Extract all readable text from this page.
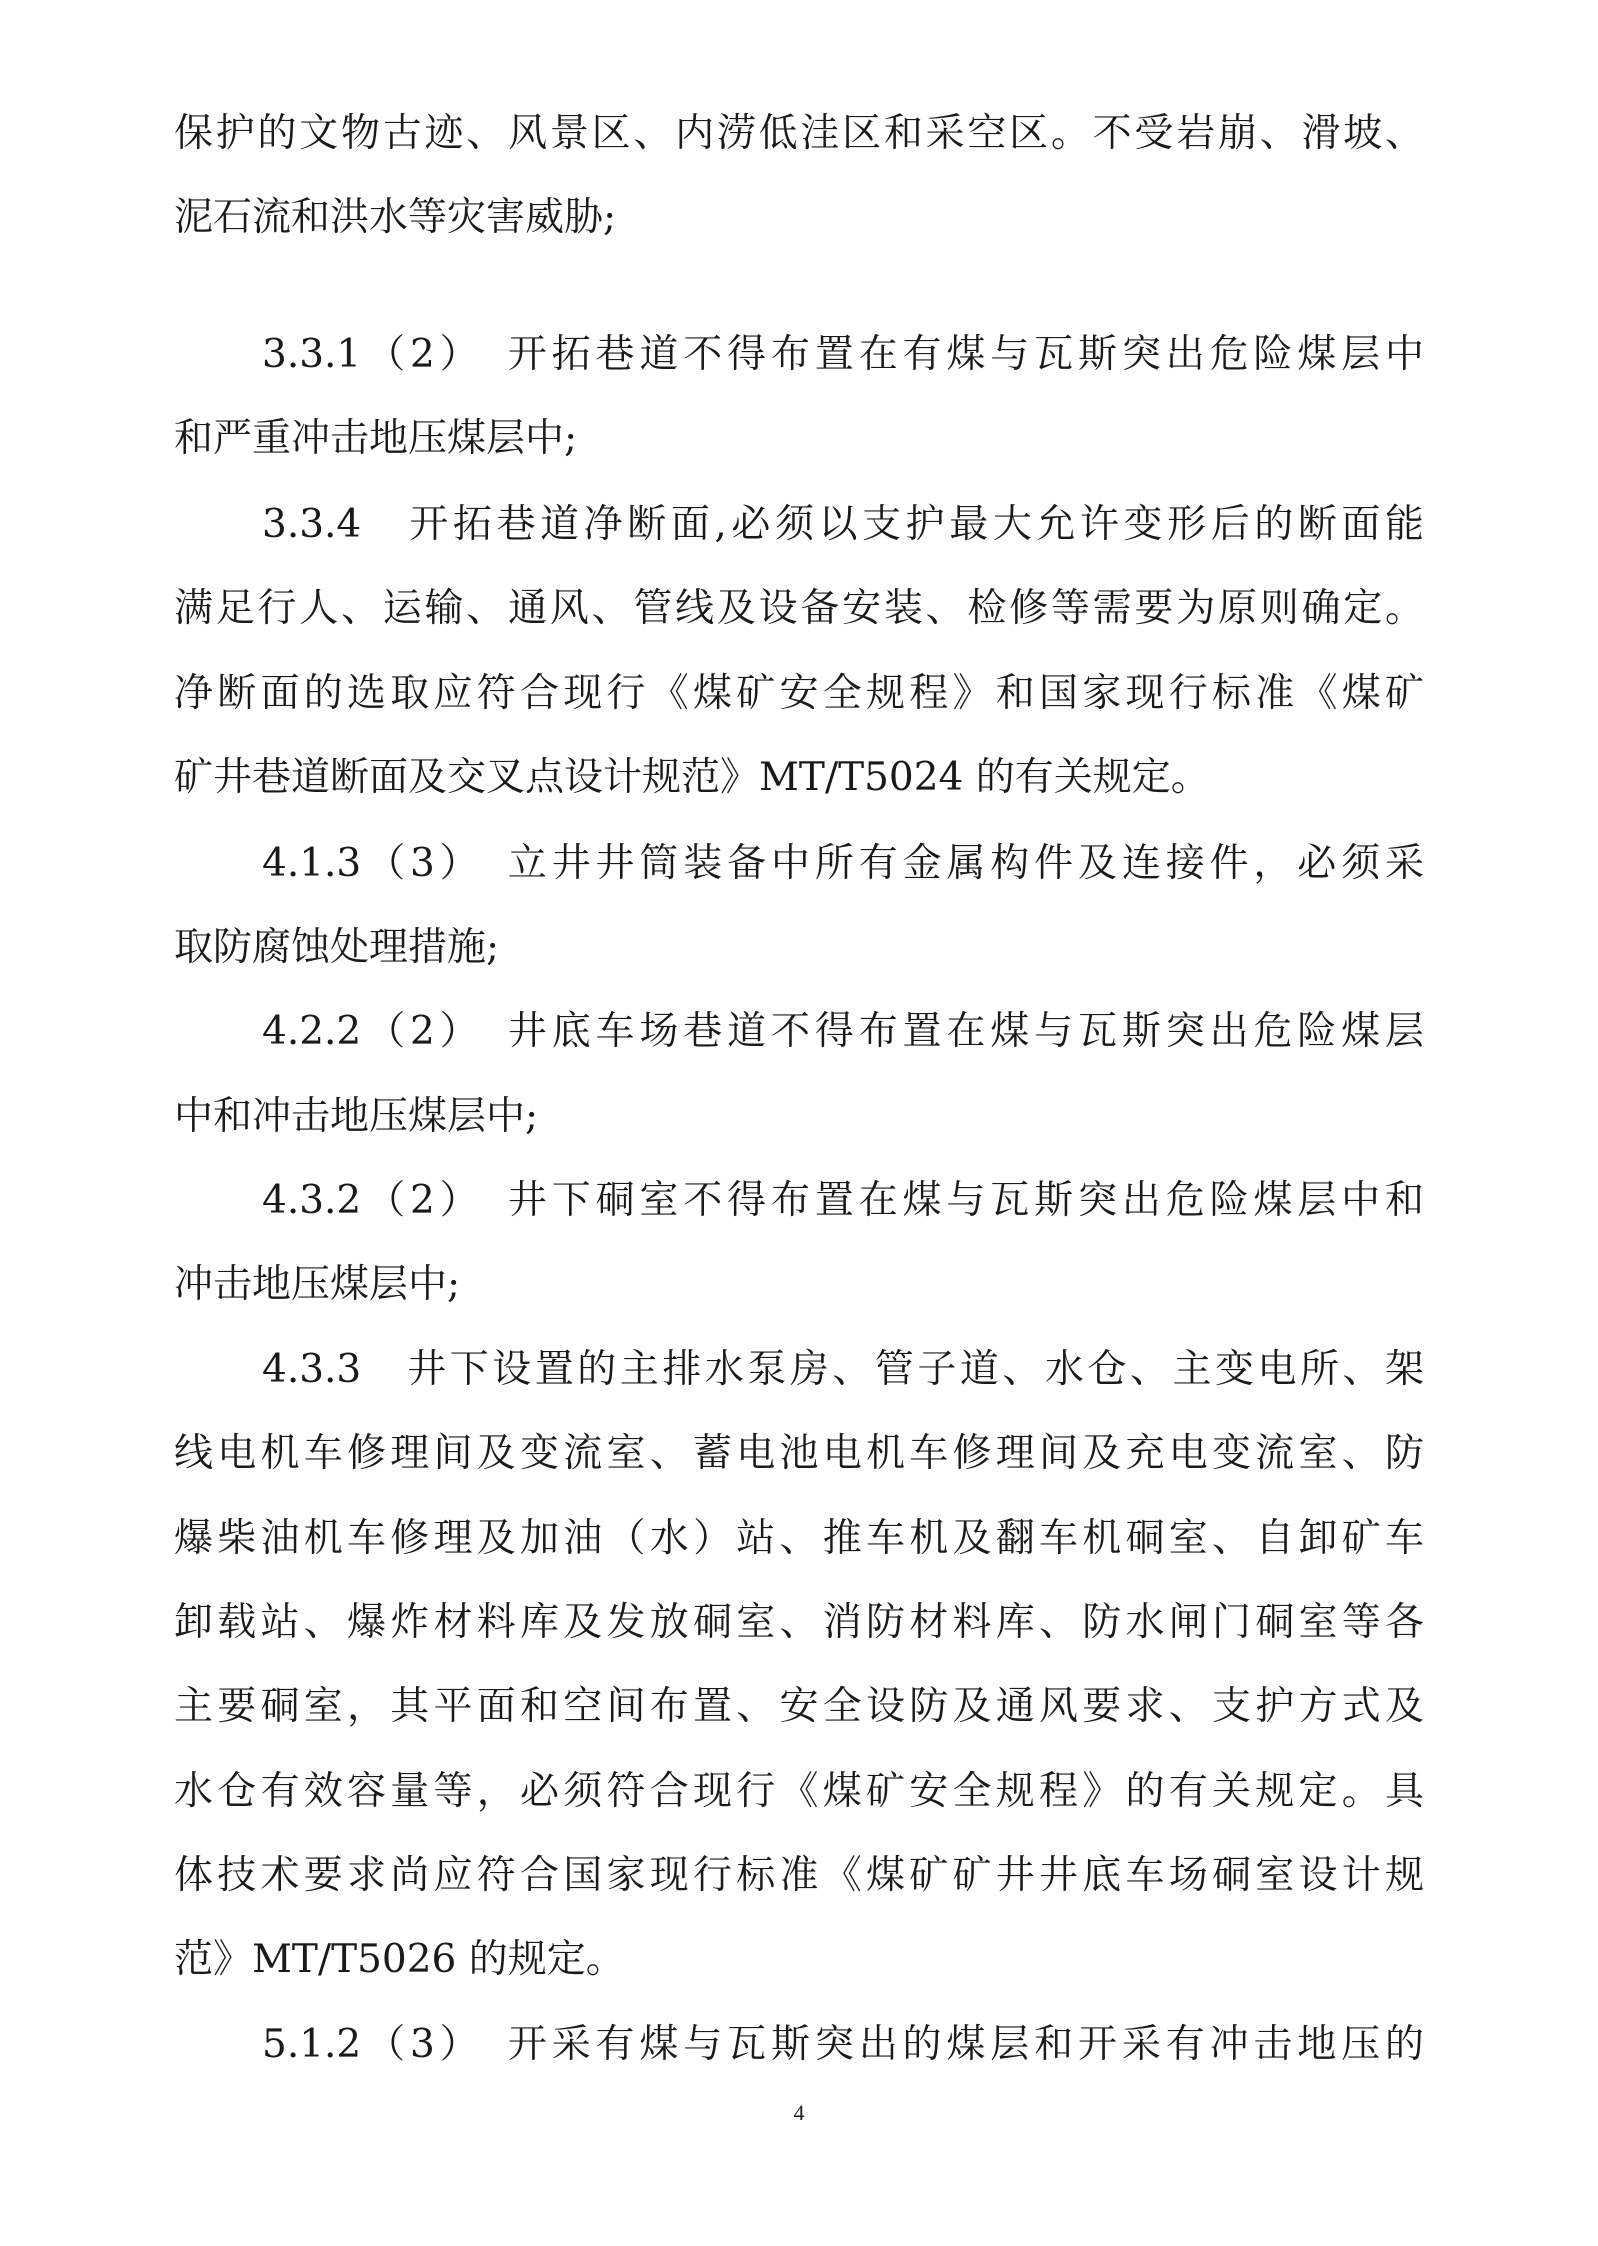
保护的文物古迹、风景区、内涝低洼区和采空区。不受岩崩、滑坡、
泥石流和洪水等灾害威胁;
3.3.1（2）　开拓巷道不得布置在有煤与瓦斯突出危险煤层中
和严重冲击地压煤层中;
3.3.4　开拓巷道净断面,必须以支护最大允许变形后的断面能
满足行人、运输、通风、管线及设备安装、检修等需要为原则确定。
净断面的选取应符合现行《煤矿安全规程》和国家现行标准《煤矿
矿井巷道断面及交叉点设计规范》MT/T5024 的有关规定。
4.1.3（3）　立井井筒装备中所有金属构件及连接件，必须采
取防腐蚀处理措施;
4.2.2（2）　井底车场巷道不得布置在煤与瓦斯突出危险煤层
中和冲击地压煤层中;
4.3.2（2）　井下硐室不得布置在煤与瓦斯突出危险煤层中和
冲击地压煤层中;
4.3.3　井下设置的主排水泵房、管子道、水仓、主变电所、架
线电机车修理间及变流室、蓄电池电机车修理间及充电变流室、防
爆柴油机车修理及加油（水）站、推车机及翻车机硐室、自卸矿车
卸载站、爆炸材料库及发放硐室、消防材料库、防水闸门硐室等各
主要硐室，其平面和空间布置、安全设防及通风要求、支护方式及
水仓有效容量等，必须符合现行《煤矿安全规程》的有关规定。具
体技术要求尚应符合国家现行标准《煤矿矿井井底车场硐室设计规
范》MT/T5026 的规定。
5.1.2（3）　开采有煤与瓦斯突出的煤层和开采有冲击地压的
4
